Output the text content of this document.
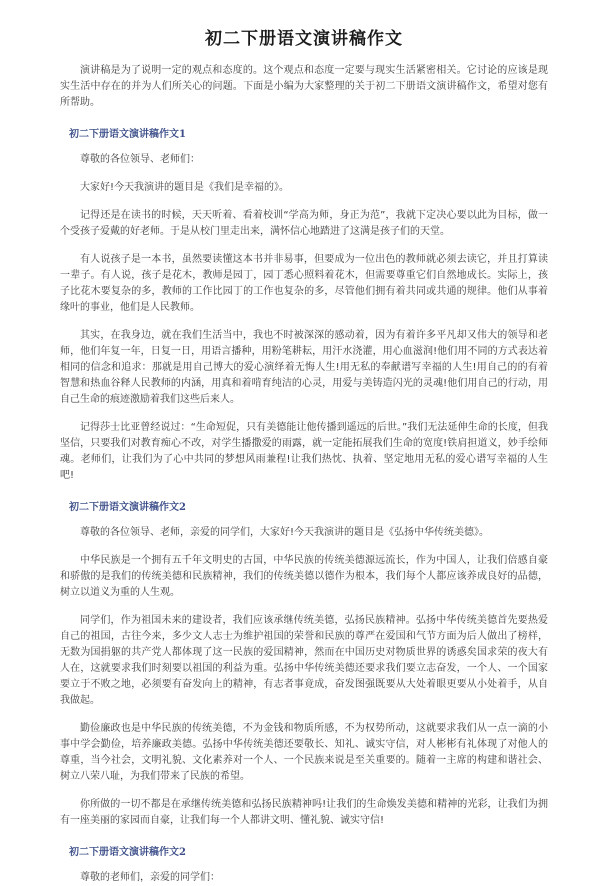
初二下册语文演讲稿作文

演讲稿是为了说明一定的观点和态度的。这个观点和态度一定要与现实生活紧密相关。它讨论的应该是现实生活中存在的并为人们所关心的问题。下面是小编为大家整理的关于初二下册语文演讲稿作文，希望对您有所帮助。

初二下册语文演讲稿作文1

尊敬的各位领导、老师们：

大家好!今天我演讲的题目是《我们是幸福的》。

记得还是在读书的时候，天天听着、看着校训“学高为师，身正为范”，我就下定决心要以此为目标，做一个受孩子爱戴的好老师。于是从校门里走出来，满怀信心地踏进了这满是孩子们的天堂。

有人说孩子是一本书，虽然要读懂这本书并非易事，但要成为一位出色的教师就必须去读它，并且打算读一辈子。有人说，孩子是花木，教师是园丁，园丁悉心照料着花木，但需要尊重它们自然地成长。实际上，孩子比花木要复杂的多，教师的工作比园丁的工作也复杂的多，尽管他们拥有着共同或共通的规律。他们从事着缘叶的事业，他们是人民教师。

其实，在我身边，就在我们生活当中，我也不时被深深的感动着，因为有着许多平凡却又伟大的领导和老师，他们年复一年，日复一日，用语言播种，用粉笔耕耘，用汗水浇灌，用心血滋润!他们用不同的方式表达着相同的信念和追求：那就是用自己博大的爱心演绎着无悔人生!用无私的奉献谱写幸福的人生!用自己的的有着智慧和热血谷释人民教师的内涵，用真和着啃育纯洁的心灵，用爱与美铸造闪光的灵魂!他们用自己的行动，用自己生命的痕迹激励着我们这些后来人。

记得莎士比亚曾经说过：“生命短促，只有美德能让他传播到遥远的后世。”我们无法延伸生命的长度，但我坚信，只要我们对教育痴心不改，对学生播撒爱的雨露，就一定能拓展我们生命的宽度!铁肩担道义，妙手绘师魂。老师们，让我们为了心中共同的梦想风雨兼程!让我们热忱、执着、坚定地用无私的爱心谱写幸福的人生吧!

初二下册语文演讲稿作文2

尊敬的各位领导、老师，亲爱的同学们，大家好!今天我演讲的题目是《弘扬中华传统美德》。

中华民族是一个拥有五千年文明史的古国，中华民族的传统美德源远流长，作为中国人，让我们倍感自豪和骄傲的是我们的传统美德和民族精神，我们的传统美德以德作为根本，我们每个人都应该养成良好的品德，树立以道义为重的人生观。

同学们，作为祖国未来的建设者，我们应该承继传统美德，弘扬民族精神。弘扬中华传统美德首先要热爱自己的祖国，古往今来，多少文人志士为维护祖国的荣誉和民族的尊严在爱国和气节方面为后人做出了榜样，无数为国捐躯的共产党人都体现了这一民族的爱国精神，然而在中国历史对物质世界的诱惑矣国求荣的夜大有人在，这就要求我们时刻要以祖国的利益为重。弘扬中华传统美德还要求我们要立志奋发，一个人、一个国家要立于不败之地，必须要有奋发向上的精神，有志者事竟成，奋发图强既要从大处着眼更要从小处着手，从自我做起。

勤俭廉政也是中华民族的传统美德，不为金钱和物质所感，不为权势所动，这就要求我们从一点一滴的小事中学会勤俭，培养廉政美德。弘扬中华传统美德还要敬长、知礼、诚实守信，对人彬彬有礼体现了对他人的尊重，当今社会，文明礼貌、文化素养对一个人、一个民族来说是至关重要的。随着一主席的构建和谐社会、树立八荣八耻，为我们带来了民族的希望。

你所做的一切不都是在承继传统美德和弘扬民族精神吗!让我们的生命焕发美德和精神的光彩，让我们为拥有一座美丽的家园而自豪，让我们每一个人都讲文明、懂礼貌、诚实守信!

初二下册语文演讲稿作文2

尊敬的老师们，亲爱的同学们：
